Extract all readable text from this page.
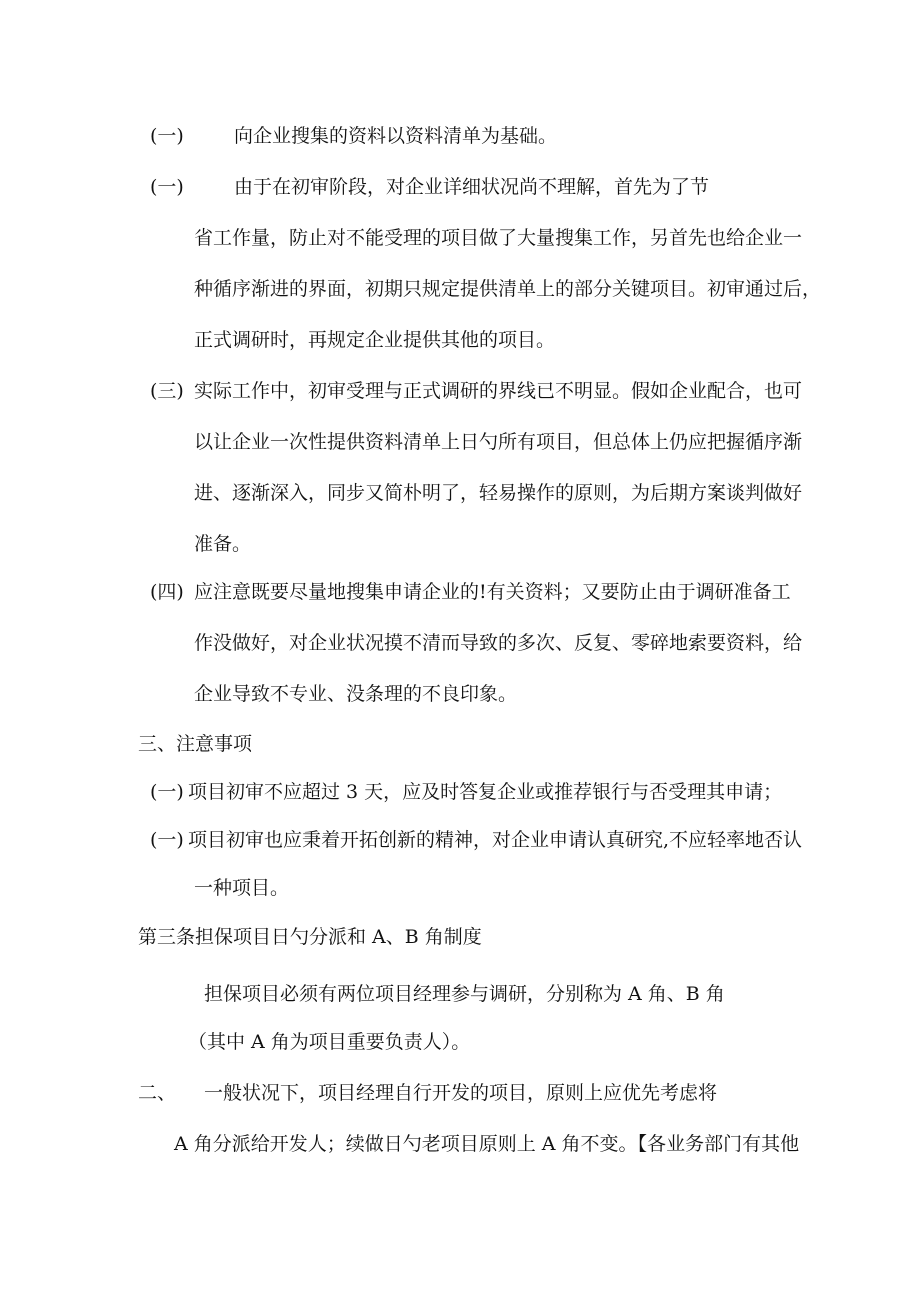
(一)	向企业搜集的资料以资料清单为基础。
(一)	由于在初审阶段，对企业详细状况尚不理解，首先为了节
省工作量，防止对不能受理的项目做了大量搜集工作，另首先也给企业一
种循序渐进的界面，初期只规定提供清单上的部分关键项目。初审通过后，
正式调研时，再规定企业提供其他的项目。
(三) 实际工作中，初审受理与正式调研的界线已不明显。假如企业配合，也可
以让企业一次性提供资料清单上日勺所有项目，但总体上仍应把握循序渐
进、逐渐深入，同步又简朴明了，轻易操作的原则，为后期方案谈判做好
准备。
(四) 应注意既要尽量地搜集申请企业的!有关资料；又要防止由于调研准备工
作没做好，对企业状况摸不清而导致的多次、反复、零碎地索要资料，给
企业导致不专业、没条理的不良印象。
三、注意事项
(一) 项目初审不应超过 3 天，应及时答复企业或推荐银行与否受理其申请；
(一) 项目初审也应秉着开拓创新的精神，对企业申请认真研究,不应轻率地否认
一种项目。
第三条担保项目日勺分派和 A、B 角制度
担保项目必须有两位项目经理参与调研，分别称为 A 角、B 角
（其中 A 角为项目重要负责人）。
二、 一般状况下，项目经理自行开发的项目，原则上应优先考虑将
A 角分派给开发人；续做日勺老项目原则上 A 角不变。【各业务部门有其他
